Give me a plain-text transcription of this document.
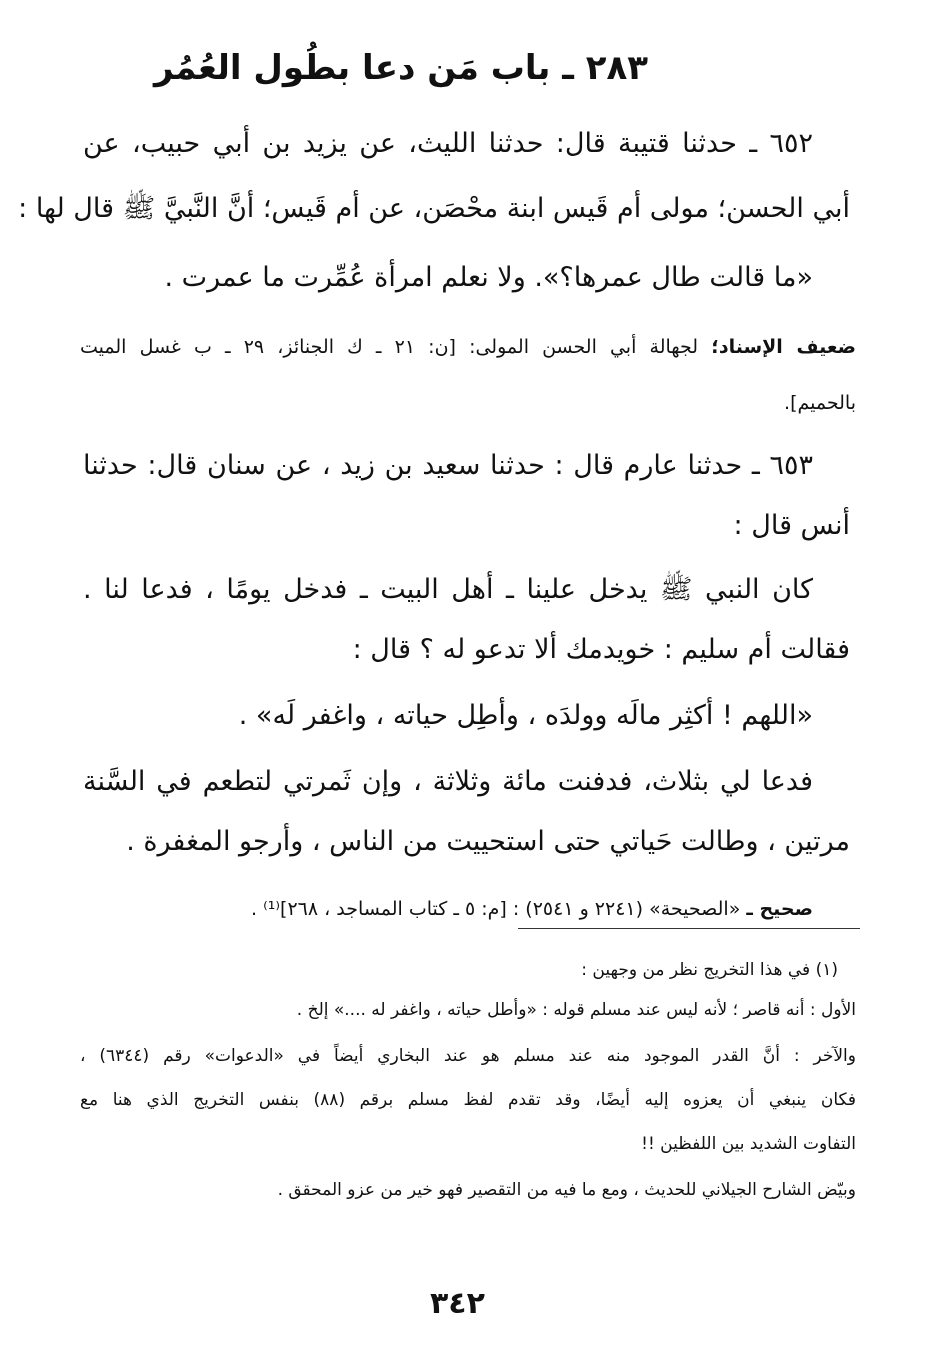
٢٨٣ ـ باب مَن دعا بطُول العُمُر
٦٥٢ ـ حدثنا قتيبة قال: حدثنا الليث، عن يزيد بن أبي حبيب، عن
أبي الحسن؛ مولى أم قَيس ابنة محْصَن، عن أم قَيس؛ أنَّ النَّبيَّ ﷺ قال لها :
«ما قالت طال عمرها؟». ولا نعلم امرأة عُمِّرت ما عمرت .
ضعيف الإسناد؛ لجهالة أبي الحسن المولى: [ن: ٢١ ـ ك الجنائز، ٢٩ ـ ب غسل الميت
بالحميم].
٦٥٣ ـ حدثنا عارم قال : حدثنا سعيد بن زيد ، عن سنان قال: حدثنا
أنس قال :
كان النبي ﷺ يدخل علينا ـ أهل البيت ـ فدخل يومًا ، فدعا لنا .
فقالت أم سليم : خويدمك ألا تدعو له ؟ قال :
«اللهم ! أكثِر مالَه وولدَه ، وأطِل حياته ، واغفر لَه» .
فدعا لي بثلاث، فدفنت مائة وثلاثة ، وإن ثَمرتي لتطعم في السَّنة
مرتين ، وطالت حَياتي حتى استحييت من الناس ، وأرجو المغفرة .
صحيح ـ «الصحيحة» (٢٢٤١ و ٢٥٤١) : [م: ٥ ـ كتاب المساجد ، ٢٦٨]⁽¹⁾ .
(١) في هذا التخريج نظر من وجهين :
الأول : أنه قاصر ؛ لأنه ليس عند مسلم قوله : «وأطل حياته ، واغفر له ....» إلخ .
والآخر : أنَّ القدر الموجود منه عند مسلم هو عند البخاري أيضاً في «الدعوات» رقم (٦٣٤٤) ،
فكان ينبغي أن يعزوه إليه أيضًا، وقد تقدم لفظ مسلم برقم (٨٨) بنفس التخريج الذي هنا مع
التفاوت الشديد بين اللفظين !!
وبيّض الشارح الجيلاني للحديث ، ومع ما فيه من التقصير فهو خير من عزو المحقق .
٣٤٢
